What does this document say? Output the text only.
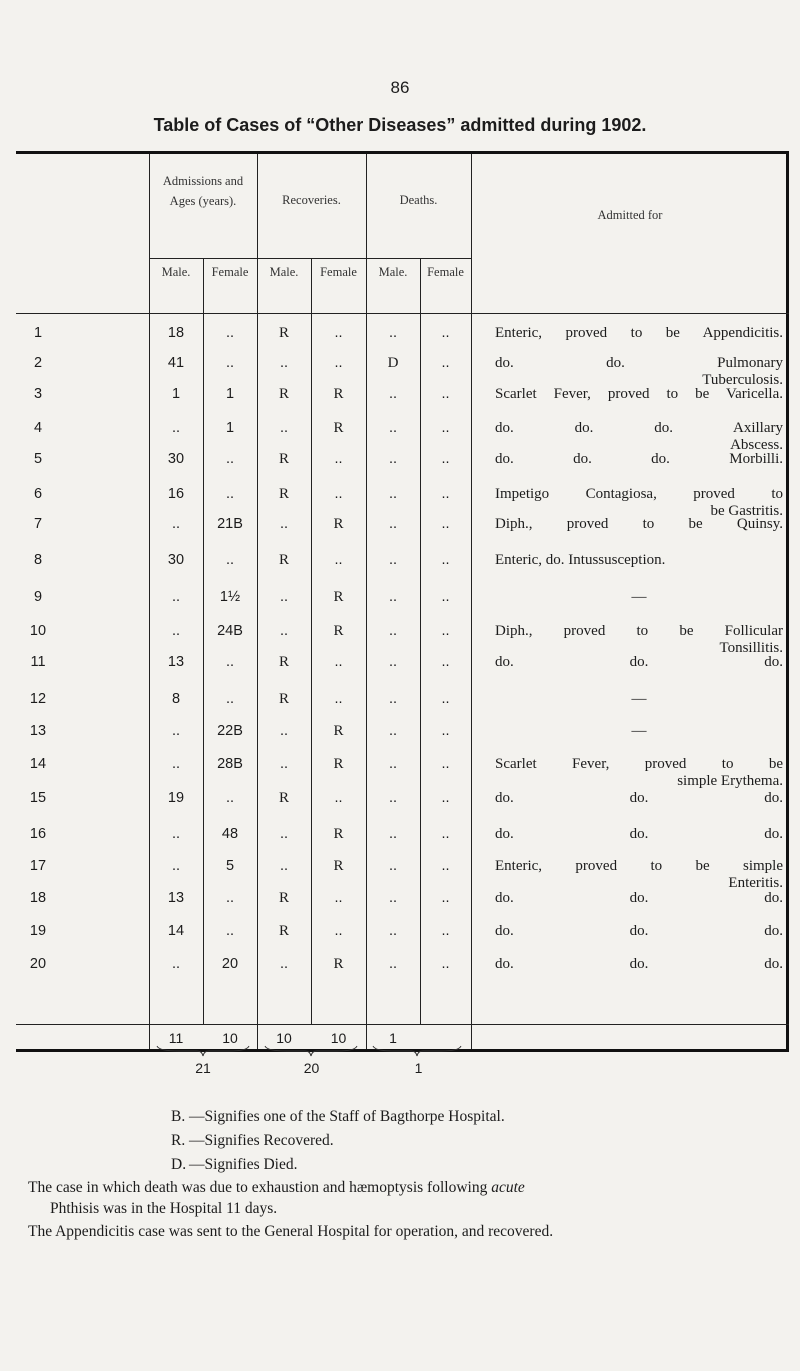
86
Table of Cases of “Other Diseases” admitted during 1902.
Admissions and Ages (years).	Recoveries.	Deaths.
Admitted for
Male.	Female	Male.	Female	Male.	Female
1	18	..	R	..	..	..	Enteric, proved to be Appendicitis.
2	41	..	..	..	D	..	do. do. Pulmonary
Tuberculosis.
3	1	1	R	R	..	..	Scarlet Fever, proved to be Varicella.
4	..	1	..	R	..	..	do. do. do. Axillary
Abscess.
5	30	..	R	..	..	..	do. do. do. Morbilli.
6	16	..	R	..	..	..	Impetigo Contagiosa, proved to
be Gastritis.
7	..	21B	..	R	..	..	Diph., proved to be Quinsy.
8	30	..	R	..	..	..	Enteric, do. Intussusception.
9	..	1½	..	R	..	..	—
10	..	24B	..	R	..	..	Diph., proved to be Follicular
Tonsillitis.
11	13	..	R	..	..	..	do. do. do.
12	8	..	R	..	..	..	—
13	..	22B	..	R	..	..	—
14	..	28B	..	R	..	..	Scarlet Fever, proved to be
simple Erythema.
15	19	..	R	..	..	..	do. do. do.
16	..	48	..	R	..	..	do. do. do.
17	..	5	..	R	..	..	Enteric, proved to be simple
Enteritis.
18	13	..	R	..	..	..	do. do. do.
19	14	..	R	..	..	..	do. do. do.
20	..	20	..	R	..	..	do. do. do.
11	10	10	10	1
21	20	1
B. —Signifies one of the Staff of Bagthorpe Hospital.
R. —Signifies Recovered.
D. —Signifies Died.
The case in which death was due to exhaustion and hæmoptysis following acute
Phthisis was in the Hospital 11 days.
The Appendicitis case was sent to the General Hospital for operation, and recovered.
